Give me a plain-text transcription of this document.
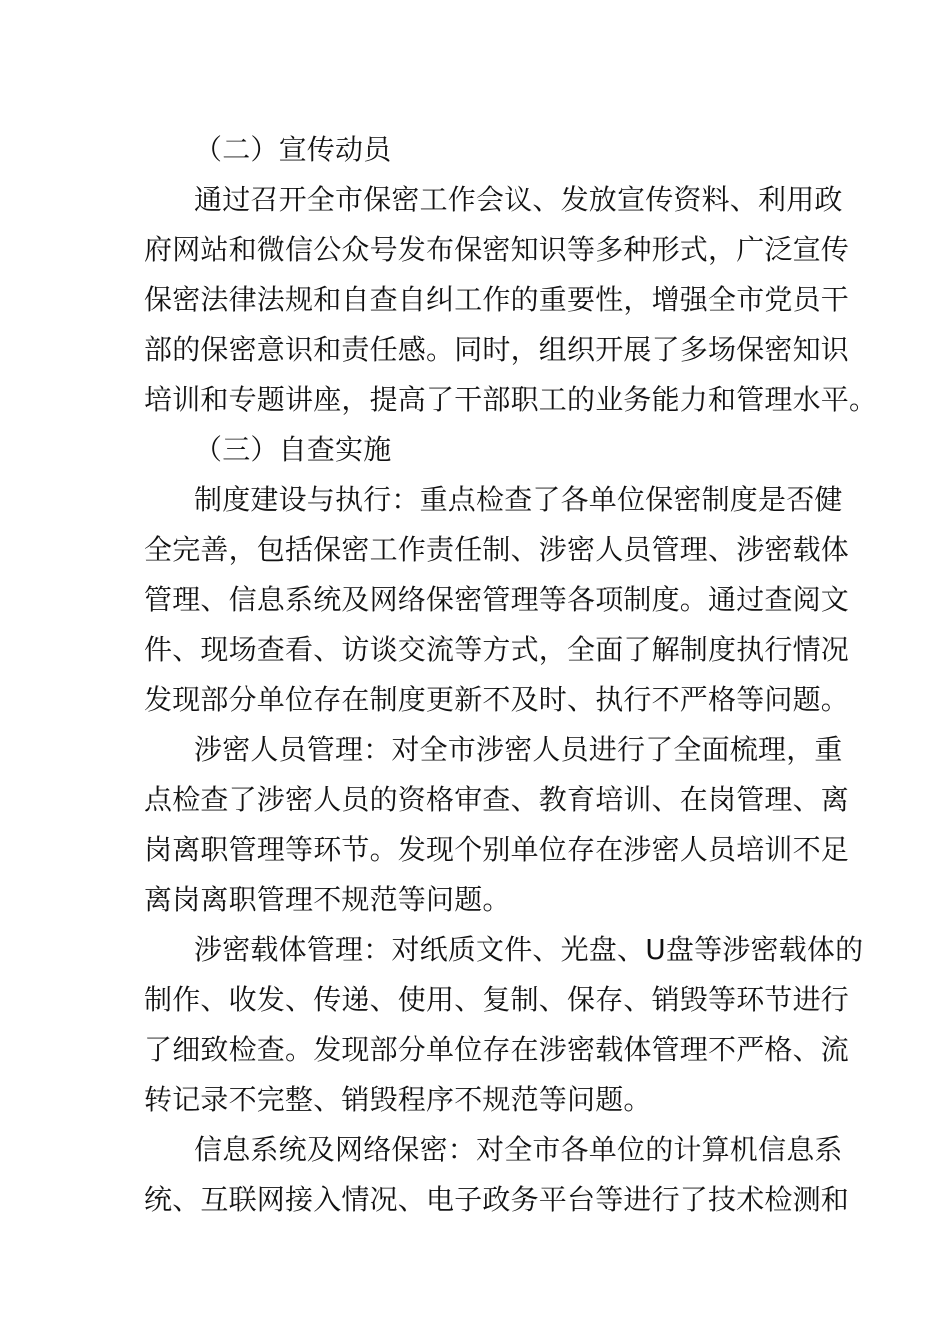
（二）宣传动员
通过召开全市保密工作会议、发放宣传资料、利用政
府网站和微信公众号发布保密知识等多种形式，广泛宣传
保密法律法规和自查自纠工作的重要性，增强全市党员干
部的保密意识和责任感。同时，组织开展了多场保密知识
培训和专题讲座，提高了干部职工的业务能力和管理水平。
（三）自查实施
制度建设与执行：重点检查了各单位保密制度是否健
全完善，包括保密工作责任制、涉密人员管理、涉密载体
管理、信息系统及网络保密管理等各项制度。通过查阅文
件、现场查看、访谈交流等方式，全面了解制度执行情况
发现部分单位存在制度更新不及时、执行不严格等问题。
涉密人员管理：对全市涉密人员进行了全面梳理，重
点检查了涉密人员的资格审查、教育培训、在岗管理、离
岗离职管理等环节。发现个别单位存在涉密人员培训不足
离岗离职管理不规范等问题。
涉密载体管理：对纸质文件、光盘、U盘等涉密载体的
制作、收发、传递、使用、复制、保存、销毁等环节进行
了细致检查。发现部分单位存在涉密载体管理不严格、流
转记录不完整、销毁程序不规范等问题。
信息系统及网络保密：对全市各单位的计算机信息系
统、互联网接入情况、电子政务平台等进行了技术检测和
